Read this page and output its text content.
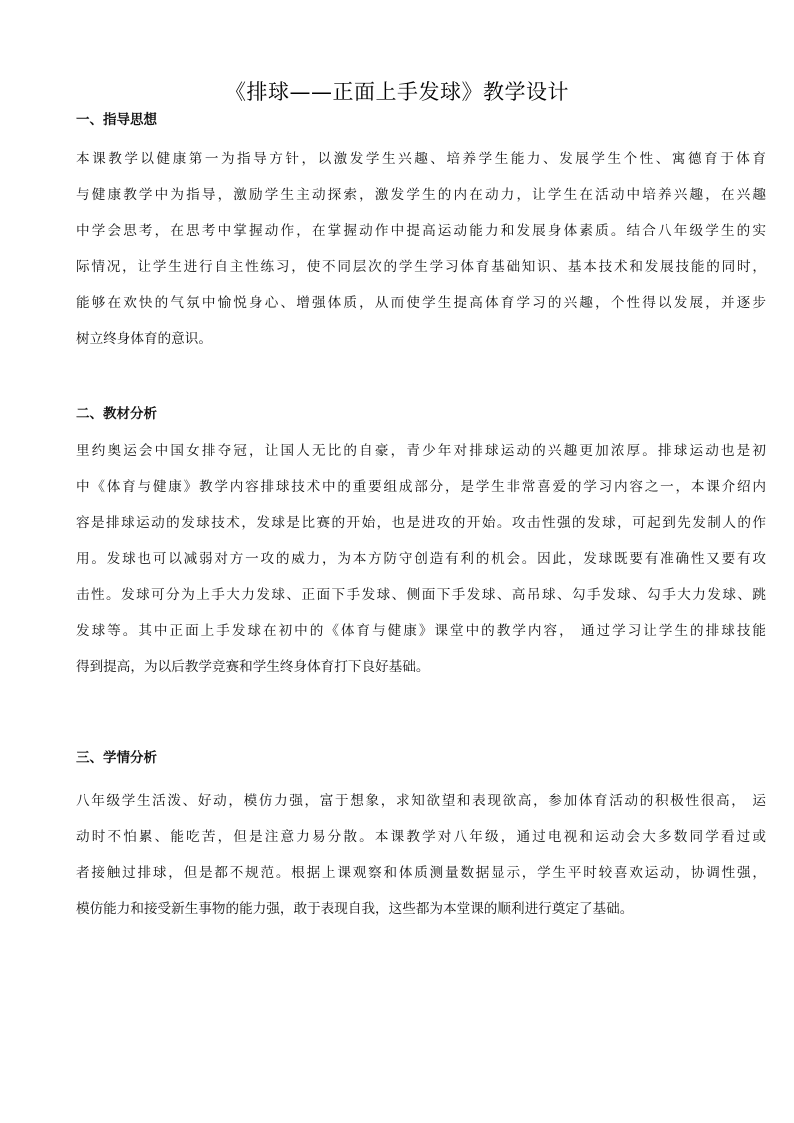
《排球——正面上手发球》教学设计
一、指导思想
本课教学以健康第一为指导方针，以激发学生兴趣、培养学生能力、发展学生个性、寓德育于体育
与健康教学中为指导，激励学生主动探索，激发学生的内在动力，让学生在活动中培养兴趣，在兴趣
中学会思考，在思考中掌握动作，在掌握动作中提高运动能力和发展身体素质。结合八年级学生的实
际情况，让学生进行自主性练习，使不同层次的学生学习体育基础知识、基本技术和发展技能的同时，
能够在欢快的气氛中愉悦身心、增强体质，从而使学生提高体育学习的兴趣，个性得以发展，并逐步
树立终身体育的意识。
二、教材分析
里约奥运会中国女排夺冠，让国人无比的自豪，青少年对排球运动的兴趣更加浓厚。排球运动也是初
中《体育与健康》教学内容排球技术中的重要组成部分，是学生非常喜爱的学习内容之一，本课介绍内
容是排球运动的发球技术，发球是比赛的开始，也是进攻的开始。攻击性强的发球，可起到先发制人的作
用。发球也可以减弱对方一攻的威力，为本方防守创造有利的机会。因此，发球既要有准确性又要有攻
击性。发球可分为上手大力发球、正面下手发球、侧面下手发球、高吊球、勾手发球、勾手大力发球、跳
发球等。其中正面上手发球在初中的《体育与健康》课堂中的教学内容， 通过学习让学生的排球技能
得到提高，为以后教学竞赛和学生终身体育打下良好基础。
三、学情分析
八年级学生活泼、好动，模仿力强，富于想象，求知欲望和表现欲高，参加体育活动的积极性很高， 运
动时不怕累、能吃苦，但是注意力易分散。本课教学对八年级，通过电视和运动会大多数同学看过或
者接触过排球，但是都不规范。根据上课观察和体质测量数据显示，学生平时较喜欢运动，协调性强，
模仿能力和接受新生事物的能力强，敢于表现自我，这些都为本堂课的顺利进行奠定了基础。
